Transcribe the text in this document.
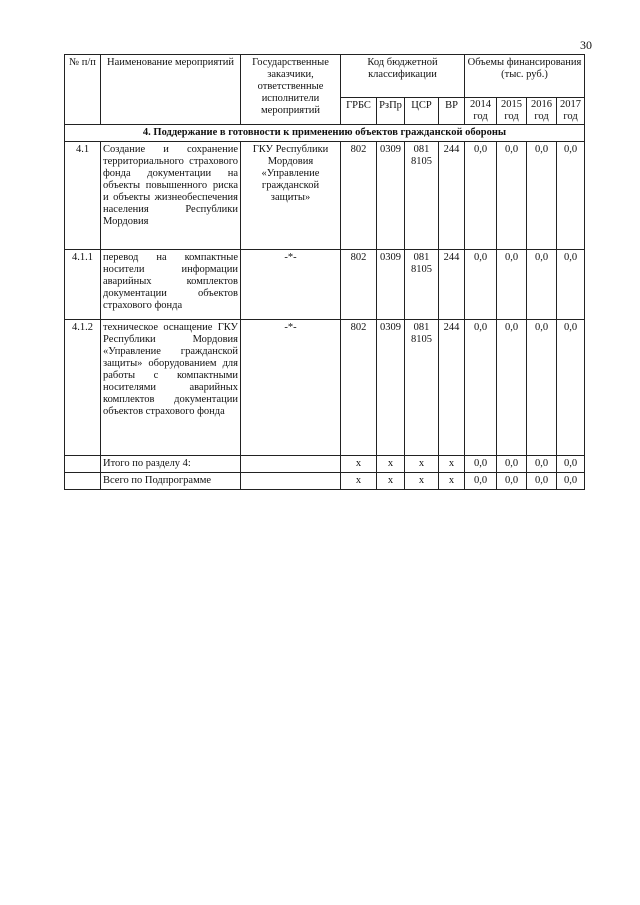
30
№ п/п	Наименование мероприятий	Государственные заказчики, ответственные исполнители мероприятий	Код бюджетной классификации				Объемы финансирования (тыс. руб.)			
			ГРБС	РзПр	ЦСР	ВР	2014 год	2015 год	2016 год	2017 год
4. Поддержание в готовности к применению объектов гражданской обороны										
4.1	Создание и сохранение территориального страхового фонда документации на объекты повышенного риска и объекты жизнеобеспечения населения Республики Мордовия	ГКУ Республики Мордовия «Управление гражданской защиты»	802	0309	081 8105	244	0,0	0,0	0,0	0,0
4.1.1	перевод на компактные носители информации аварийных комплектов документации объектов страхового фонда	-*-	802	0309	081 8105	244	0,0	0,0	0,0	0,0
4.1.2	техническое оснащение ГКУ Республики Мордовия «Управление гражданской защиты» оборудованием для работы с компактными носителями аварийных комплектов документации объектов страхового фонда	-*-	802	0309	081 8105	244	0,0	0,0	0,0	0,0
	Итого по разделу 4:		х	х	х	х	0,0	0,0	0,0	0,0
	Всего по Подпрограмме		х	х	х	х	0,0	0,0	0,0	0,0
